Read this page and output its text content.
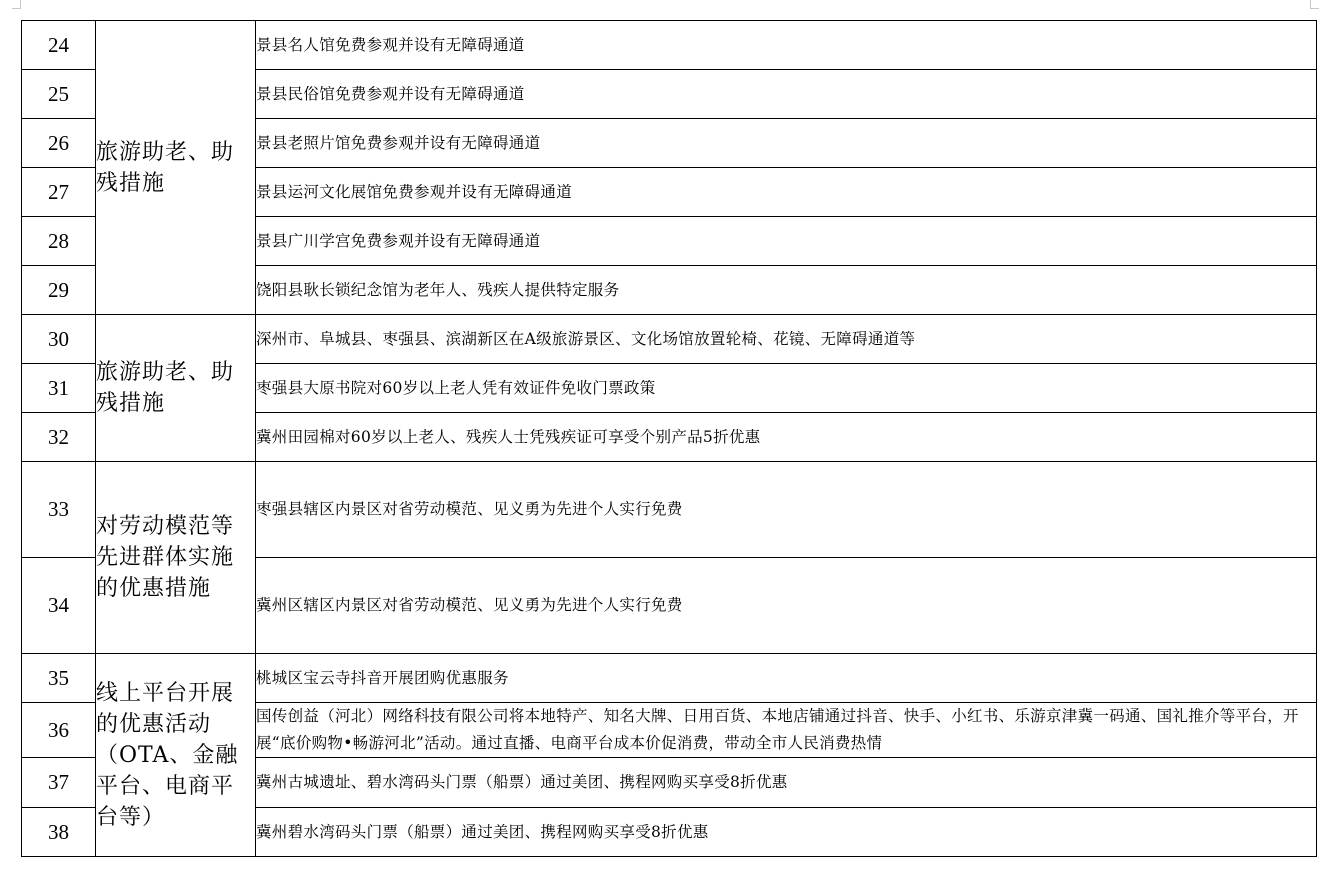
24	旅游助老、助残措施	景县名人馆免费参观并设有无障碍通道
25		景县民俗馆免费参观并设有无障碍通道
26		景县老照片馆免费参观并设有无障碍通道
27		景县运河文化展馆免费参观并设有无障碍通道
28		景县广川学宫免费参观并设有无障碍通道
29		饶阳县耿长锁纪念馆为老年人、残疾人提供特定服务
30	旅游助老、助残措施	深州市、阜城县、枣强县、滨湖新区在A级旅游景区、文化场馆放置轮椅、花镜、无障碍通道等
31		枣强县大原书院对60岁以上老人凭有效证件免收门票政策
32		冀州田园棉对60岁以上老人、残疾人士凭残疾证可享受个别产品5折优惠
33	对劳动模范等先进群体实施的优惠措施	枣强县辖区内景区对省劳动模范、见义勇为先进个人实行免费
34		冀州区辖区内景区对省劳动模范、见义勇为先进个人实行免费
35	线上平台开展的优惠活动（OTA、金融平台、电商平台等）	桃城区宝云寺抖音开展团购优惠服务
36		国传创益（河北）网络科技有限公司将本地特产、知名大牌、日用百货、本地店铺通过抖音、快手、小红书、乐游京津冀一码通、国礼推介等平台，开展“底价购物•畅游河北”活动。通过直播、电商平台成本价促消费，带动全市人民消费热情
37		冀州古城遗址、碧水湾码头门票（船票）通过美团、携程网购买享受8折优惠
38		冀州碧水湾码头门票（船票）通过美团、携程网购买享受8折优惠
